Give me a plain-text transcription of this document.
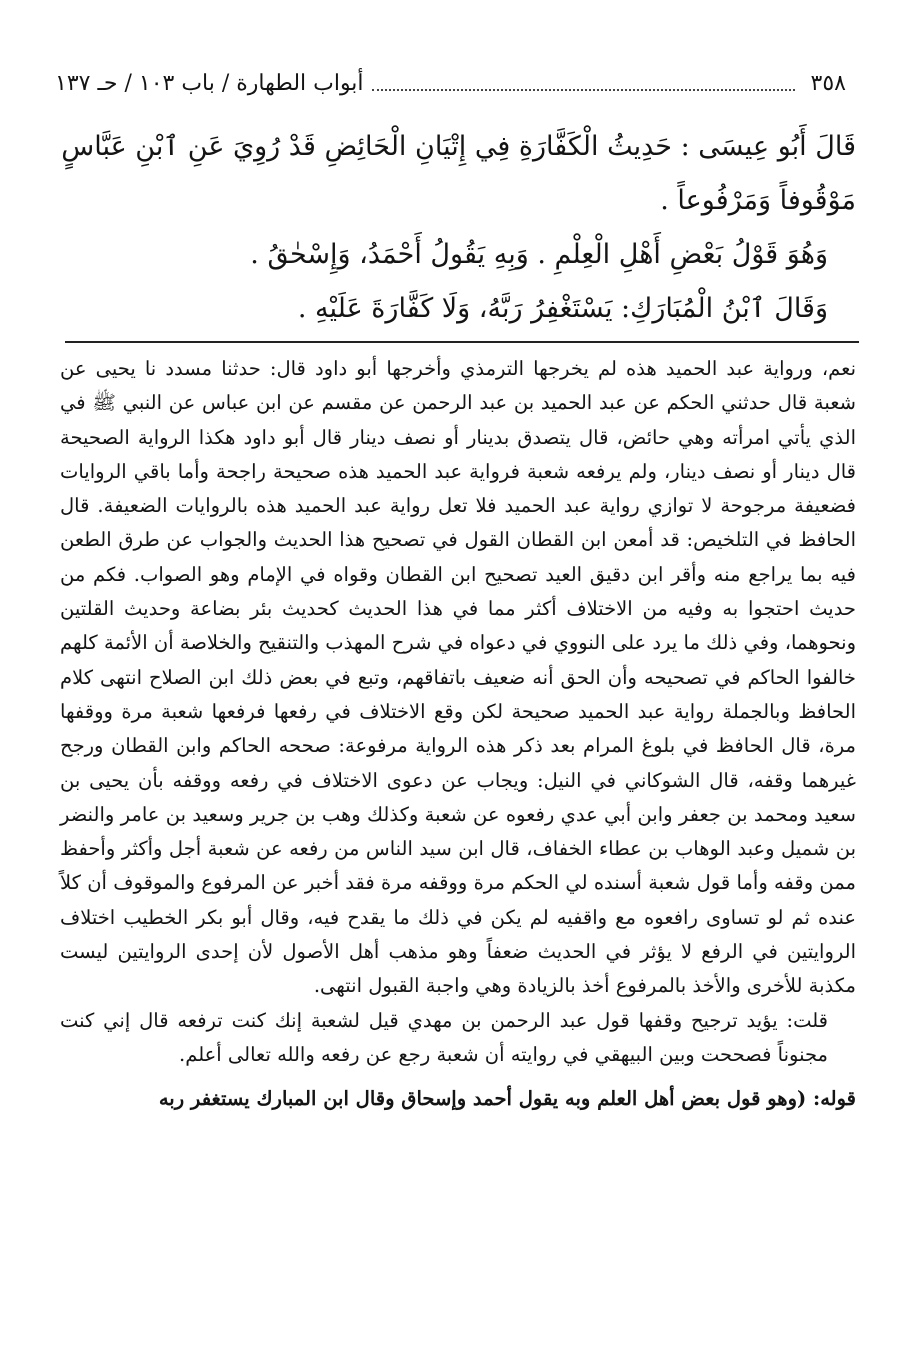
٣٥٨
أبواب الطهارة / باب ١٠٣ / حـ ١٣٧

قَالَ أَبُو عِيسَى : حَدِيثُ الْكَفَّارَةِ فِي إِتْيَانِ الْحَائِضِ قَدْ رُوِيَ عَنِ ٱبْنِ عَبَّاسٍ مَوْقُوفاً وَمَرْفُوعاً .

وَهُوَ قَوْلُ بَعْضِ أَهْلِ الْعِلْمِ . وَبِهِ يَقُولُ أَحْمَدُ، وَإِسْحٰقُ .

وَقَالَ ٱبْنُ الْمُبَارَكِ: يَسْتَغْفِرُ رَبَّهُ، وَلَا كَفَّارَةَ عَلَيْهِ .

نعم، ورواية عبد الحميد هذه لم يخرجها الترمذي وأخرجها أبو داود قال: حدثنا مسدد نا يحيى عن شعبة قال حدثني الحكم عن عبد الحميد بن عبد الرحمن عن مقسم عن ابن عباس عن النبي ﷺ في الذي يأتي امرأته وهي حائض، قال يتصدق بدينار أو نصف دينار قال أبو داود هكذا الرواية الصحيحة قال دينار أو نصف دينار، ولم يرفعه شعبة فرواية عبد الحميد هذه صحيحة راجحة وأما باقي الروايات فضعيفة مرجوحة لا توازي رواية عبد الحميد فلا تعل رواية عبد الحميد هذه بالروايات الضعيفة. قال الحافظ في التلخيص: قد أمعن ابن القطان القول في تصحيح هذا الحديث والجواب عن طرق الطعن فيه بما يراجع منه وأقر ابن دقيق العيد تصحيح ابن القطان وقواه في الإمام وهو الصواب. فكم من حديث احتجوا به وفيه من الاختلاف أكثر مما في هذا الحديث كحديث بئر بضاعة وحديث القلتين ونحوهما، وفي ذلك ما يرد على النووي في دعواه في شرح المهذب والتنقيح والخلاصة أن الأئمة كلهم خالفوا الحاكم في تصحيحه وأن الحق أنه ضعيف باتفاقهم، وتبع في بعض ذلك ابن الصلاح انتهى كلام الحافظ وبالجملة رواية عبد الحميد صحيحة لكن وقع الاختلاف في رفعها فرفعها شعبة مرة ووقفها مرة، قال الحافظ في بلوغ المرام بعد ذكر هذه الرواية مرفوعة: صححه الحاكم وابن القطان ورجح غيرهما وقفه، قال الشوكاني في النيل: ويجاب عن دعوى الاختلاف في رفعه ووقفه بأن يحيى بن سعيد ومحمد بن جعفر وابن أبي عدي رفعوه عن شعبة وكذلك وهب بن جرير وسعيد بن عامر والنضر بن شميل وعبد الوهاب بن عطاء الخفاف، قال ابن سيد الناس من رفعه عن شعبة أجل وأكثر وأحفظ ممن وقفه وأما قول شعبة أسنده لي الحكم مرة ووقفه مرة فقد أخبر عن المرفوع والموقوف أن كلاً عنده ثم لو تساوى رافعوه مع واقفيه لم يكن في ذلك ما يقدح فيه، وقال أبو بكر الخطيب اختلاف الروايتين في الرفع لا يؤثر في الحديث ضعفاً وهو مذهب أهل الأصول لأن إحدى الروايتين ليست مكذبة للأخرى والأخذ بالمرفوع أخذ بالزيادة وهي واجبة القبول انتهى.

قلت: يؤيد ترجيح وقفها قول عبد الرحمن بن مهدي قيل لشعبة إنك كنت ترفعه قال إني كنت مجنوناً فصححت وبين البيهقي في روايته أن شعبة رجع عن رفعه والله تعالى أعلم.

قوله: (وهو قول بعض أهل العلم وبه يقول أحمد وإسحاق وقال ابن المبارك يستغفر ربه
